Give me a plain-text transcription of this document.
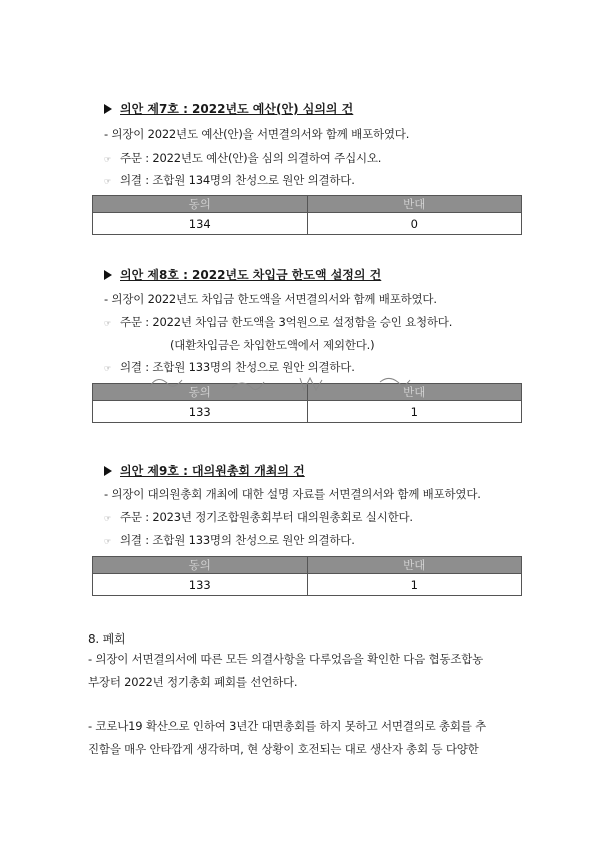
의안 제7호 : 2022년도 예산(안) 심의의 건
- 의장이 2022년도 예산(안)을 서면결의서와 함께 배포하였다.
☞ 주문 : 2022년도 예산(안)을 심의 의결하여 주십시오.
☞ 의결 : 조합원 134명의 찬성으로 원안 의결하다.
동의	반대
134	0
의안 제8호 : 2022년도 차입금 한도액 설정의 건
- 의장이 2022년도 차입금 한도액을 서면결의서와 함께 배포하였다.
☞ 주문 : 2022년 차입금 한도액을 3억원으로 설정함을 승인 요청하다.
(대환차입금은 차입한도액에서 제외한다.)
☞ 의결 : 조합원 133명의 찬성으로 원안 의결하다.
동의	반대
133	1
의안 제9호 : 대의원총회 개최의 건
- 의장이 대의원총회 개최에 대한 설명 자료를 서면결의서와 함께 배포하였다.
☞ 주문 : 2023년 정기조합원총회부터 대의원총회로 실시한다.
☞ 의결 : 조합원 133명의 찬성으로 원안 의결하다.
동의	반대
133	1
8. 폐회
- 의장이 서면결의서에 따른 모든 의결사항을 다루었음을 확인한 다음 협동조합농
부장터 2022년 정기총회 폐회를 선언하다.
- 코로나19 확산으로 인하여 3년간 대면총회를 하지 못하고 서면결의로 총회를 추
진함을 매우 안타깝게 생각하며, 현 상황이 호전되는 대로 생산자 총회 등 다양한
